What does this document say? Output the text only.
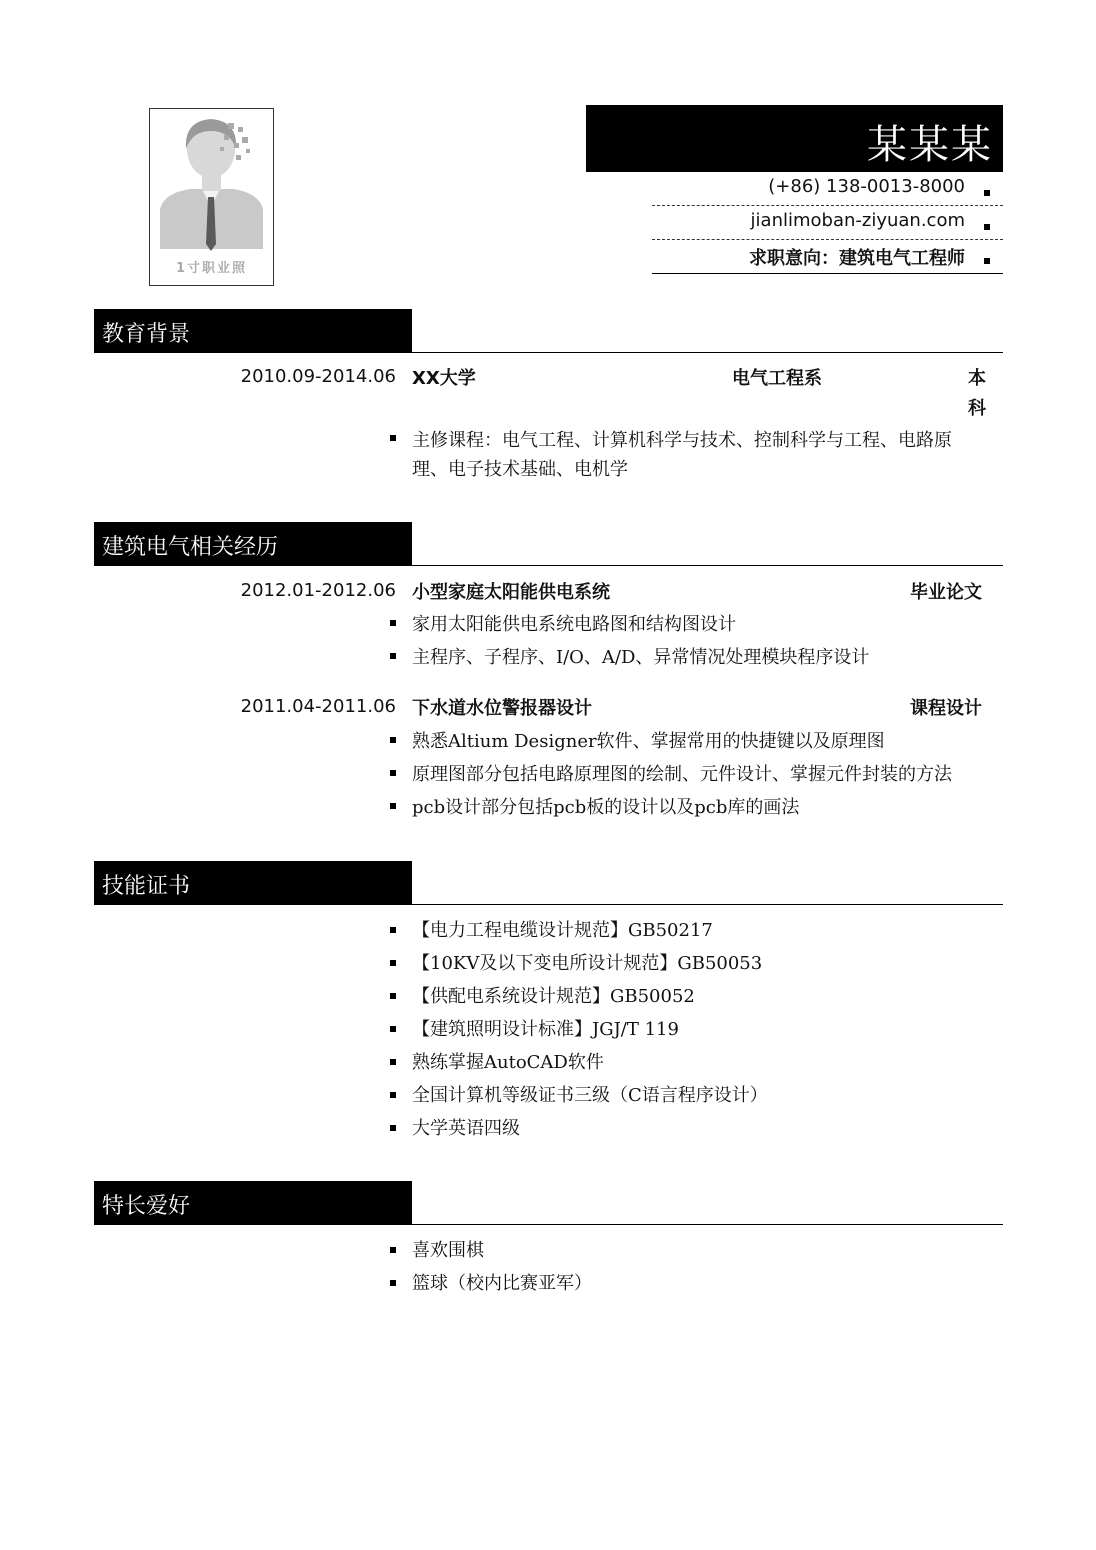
1寸职业照
某某某
(+86) 138-0013-8000
jianlimoban-ziyuan.com
求职意向：建筑电气工程师
教育背景
2010.09-2014.06 XX大学	电气工程系	本
科
主修课程：电气工程、计算机科学与技术、控制科学与工程、电路原
理、电子技术基础、电机学
建筑电气相关经历
2012.01-2012.06 小型家庭太阳能供电系统	毕业论文
家用太阳能供电系统电路图和结构图设计
主程序、子程序、I/O、A/D、异常情况处理模块程序设计
2011.04-2011.06 下水道水位警报器设计	课程设计
熟悉Altium Designer软件、掌握常用的快捷键以及原理图
原理图部分包括电路原理图的绘制、元件设计、掌握元件封装的方法
pcb设计部分包括pcb板的设计以及pcb库的画法
技能证书
【电力工程电缆设计规范】GB50217
【10KV及以下变电所设计规范】GB50053
【供配电系统设计规范】GB50052
【建筑照明设计标准】JGJ/T 119
熟练掌握AutoCAD软件
全国计算机等级证书三级（C语言程序设计）
大学英语四级
特长爱好
喜欢围棋
篮球（校内比赛亚军）
